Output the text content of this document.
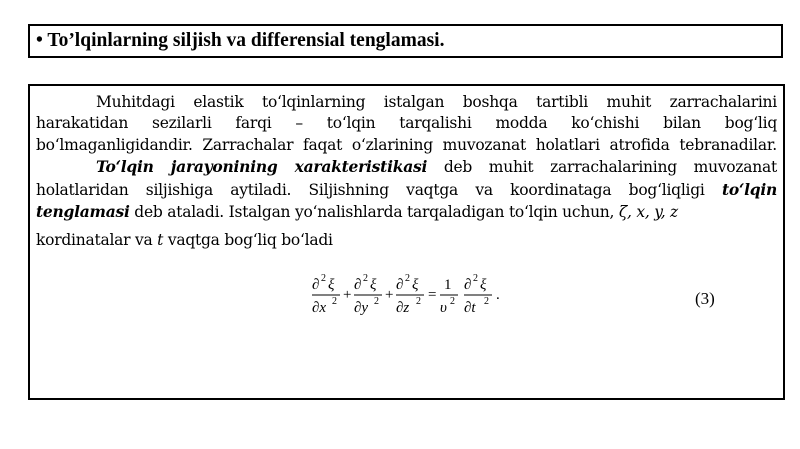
• To’lqinlarning siljish va differensial tenglamasi.

Muhitdagi elastik to‘lqinlarning istalgan boshqa tartibli muhit zarrachalarini

harakatidan sezilarli farqi – to‘lqin tarqalishi modda ko‘chishi bilan bog‘liq

bo‘lmaganligidandir. Zarrachalar faqat o‘zlarining muvozanat holatlari atrofida tebranadilar.

To‘lqin jarayonining xarakteristikasi deb muhit zarrachalarining muvozanat

holatlaridan siljishiga aytiladi. Siljishning vaqtga va koordinataga bog‘liqligi to‘lqin

tenglamasi deb ataladi. Istalgan yo‘nalishlarda tarqaladigan to‘lqin uchun, ζ, x, y, z

kordinatalar va t vaqtga bog‘liq bo‘ladi
∂ 2 ξ
∂x 2 +
∂ 2 ξ
∂y 2 +
∂ 2 ξ
∂z 2 =
1
υ 2
∂ 2 ξ
∂t 2 .	(3)
